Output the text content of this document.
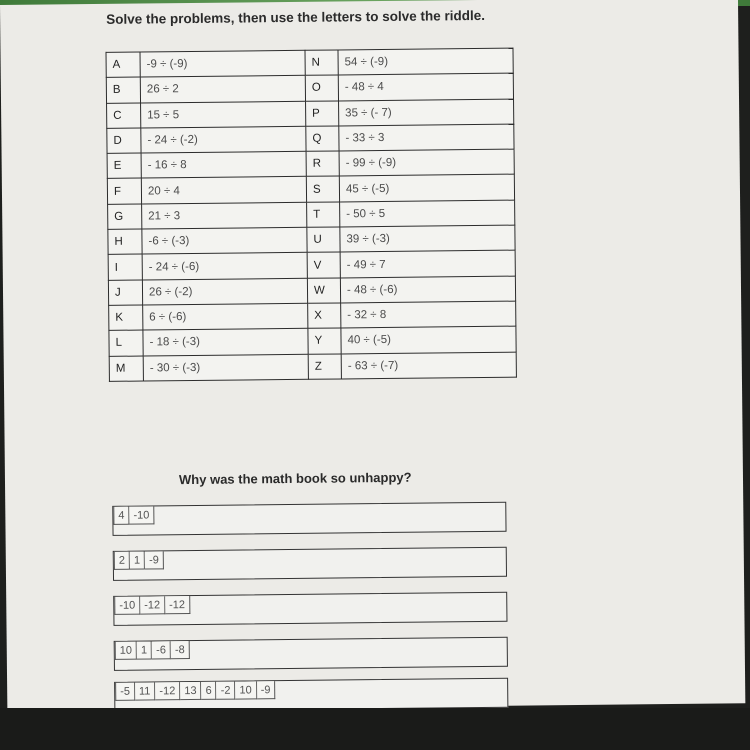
Solve the problems, then use the letters to solve the riddle.
A	-9 ÷ (-9)	N	54 ÷ (-9)
B	26 ÷ 2	O	- 48 ÷ 4
C	15 ÷ 5	P	35 ÷ (- 7)
D	- 24 ÷ (-2)	Q	- 33 ÷ 3
E	- 16 ÷ 8	R	- 99 ÷ (-9)
F	20 ÷ 4	S	45 ÷ (-5)
G	21 ÷ 3	T	- 50 ÷ 5
H	-6 ÷ (-3)	U	39 ÷ (-3)
I	- 24 ÷ (-6)	V	- 49 ÷ 7
J	26 ÷ (-2)	W	- 48 ÷ (-6)
K	6 ÷ (-6)	X	- 32 ÷ 8
L	- 18 ÷ (-3)	Y	40 ÷ (-5)
M	- 30 ÷ (-3)	Z	- 63 ÷ (-7)
Why was the math book so unhappy?
4 -10
2 1 -9
-10 -12 -12
10 1 -6 -8
-5 11 -12 13 6 -2 10 -9
